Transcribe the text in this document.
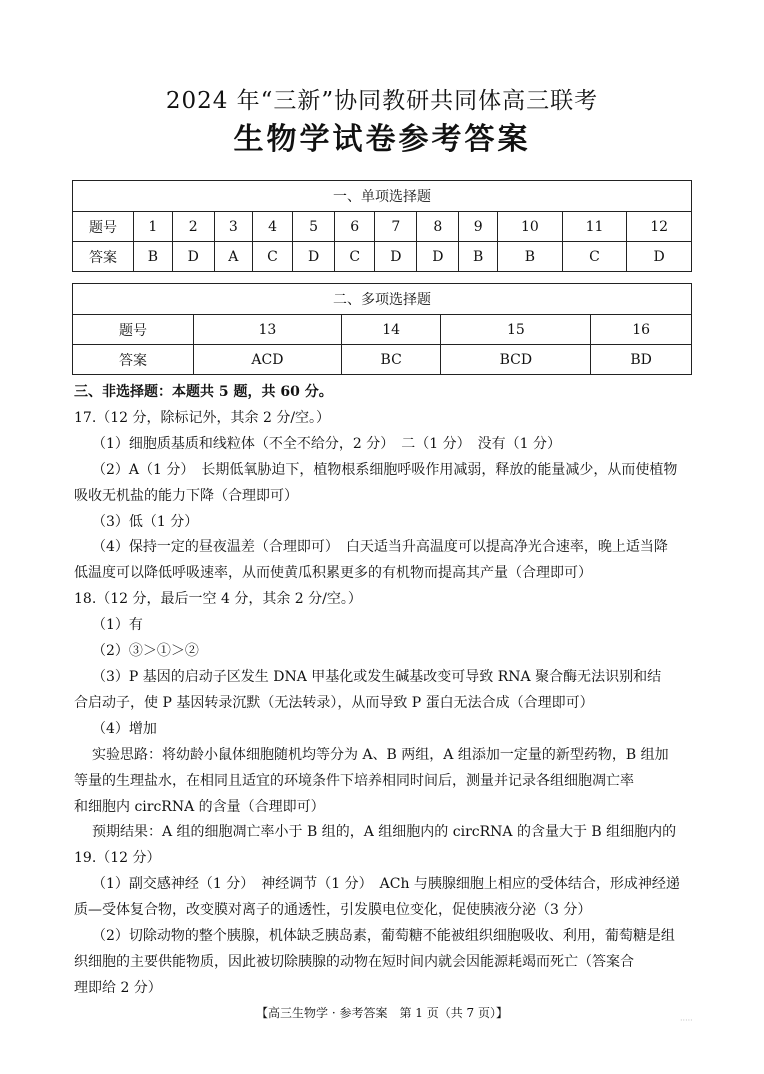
2024 年“三新”协同教研共同体高三联考
生物学试卷参考答案
一、单项选择题												
题号	1	2	3	4	5	6	7	8	9	10	11	12
答案	B	D	A	C	D	C	D	D	B	B	C	D
二、多项选择题				
题号	13	14	15	16
答案	ACD	BC	BCD	BD

三、非选择题：本题共 5 题，共 60 分。

17.（12 分，除标记外，其余 2 分/空。）

（1）细胞质基质和线粒体（不全不给分，2 分）　二（1 分）　没有（1 分）

（2）A（1 分）　长期低氧胁迫下，植物根系细胞呼吸作用减弱，释放的能量减少，从而使植物

吸收无机盐的能力下降（合理即可）

（3）低（1 分）

（4）保持一定的昼夜温差（合理即可）　白天适当升高温度可以提高净光合速率，晚上适当降

低温度可以降低呼吸速率，从而使黄瓜积累更多的有机物而提高其产量（合理即可）

18.（12 分，最后一空 4 分，其余 2 分/空。）

（1）有

（2）③＞①＞②

（3）P 基因的启动子区发生 DNA 甲基化或发生碱基改变可导致 RNA 聚合酶无法识别和结

合启动子，使 P 基因转录沉默（无法转录），从而导致 P 蛋白无法合成（合理即可）

（4）增加

实验思路：将幼龄小鼠体细胞随机均等分为 A、B 两组，A 组添加一定量的新型药物，B 组加

等量的生理盐水，在相同且适宜的环境条件下培养相同时间后，测量并记录各组细胞凋亡率

和细胞内 circRNA 的含量（合理即可）

预期结果：A 组的细胞凋亡率小于 B 组的，A 组细胞内的 circRNA 的含量大于 B 组细胞内的

19.（12 分）

（1）副交感神经（1 分）　神经调节（1 分）　ACh 与胰腺细胞上相应的受体结合，形成神经递

质—受体复合物，改变膜对离子的通透性，引发膜电位变化，促使胰液分泌（3 分）

（2）切除动物的整个胰腺，机体缺乏胰岛素，葡萄糖不能被组织细胞吸收、利用，葡萄糖是组

织细胞的主要供能物质，因此被切除胰腺的动物在短时间内就会因能源耗竭而死亡（答案合

理即给 2 分）

【高三生物学 · 参考答案　第 1 页（共 7 页）】
·····
